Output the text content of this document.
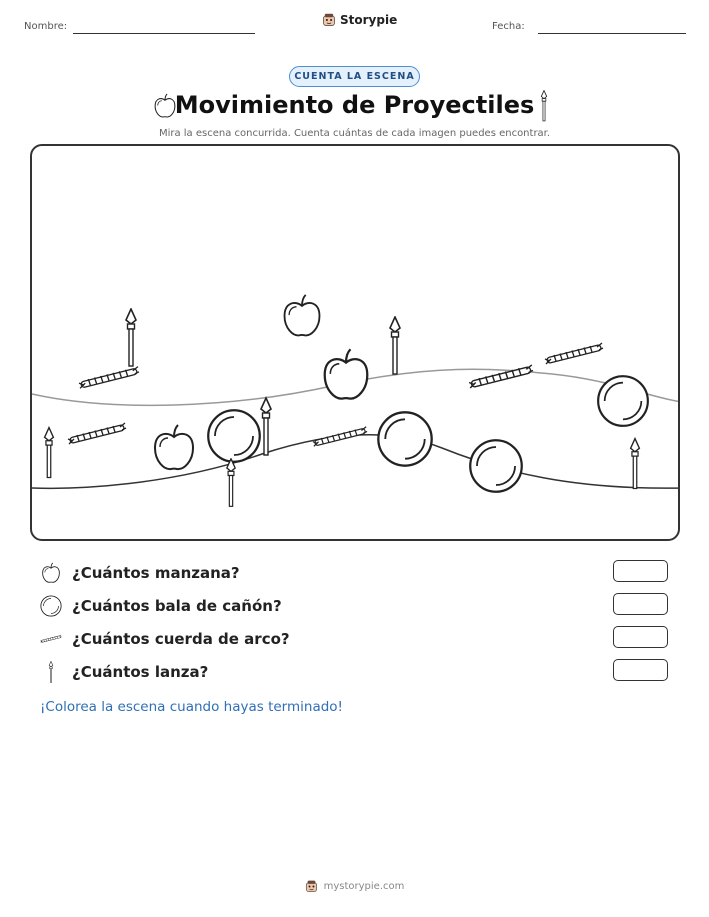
Nombre:	Storypie	Fecha:
CUENTA LA ESCENA
Movimiento de Proyectiles
Mira la escena concurrida. Cuenta cuántas de cada imagen puedes encontrar.
¿Cuántos manzana?
¿Cuántos bala de cañón?
¿Cuántos cuerda de arco?
¿Cuántos lanza?
¡Colorea la escena cuando hayas terminado!
mystorypie.com
